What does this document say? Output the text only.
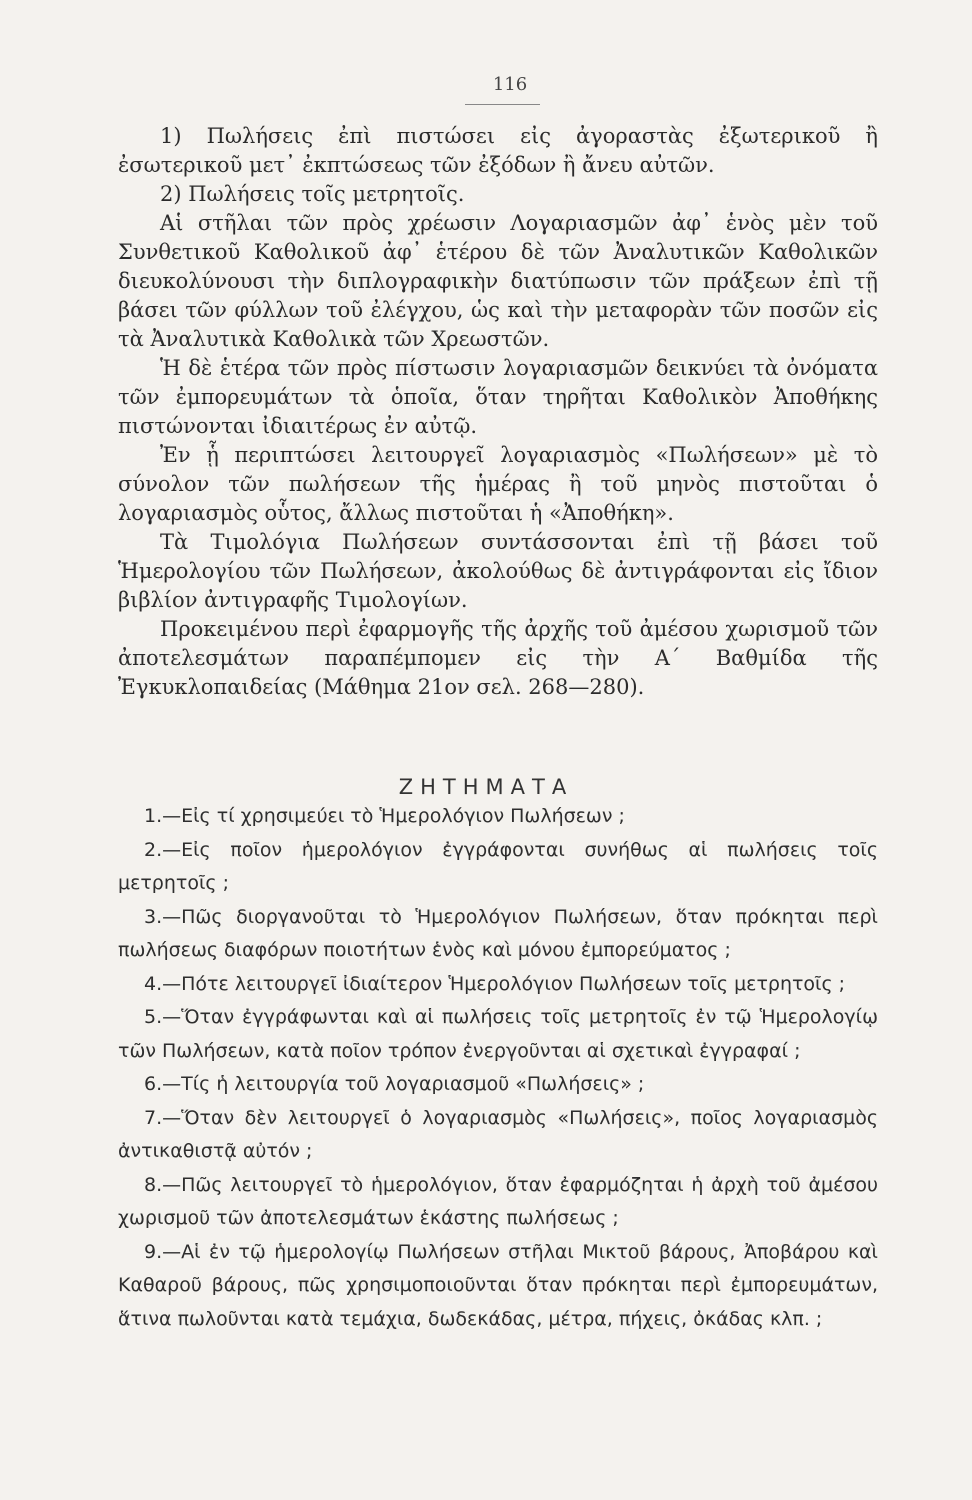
116

1) Πωλήσεις ἐπὶ πιστώσει εἰς ἀγοραστὰς ἐξωτερικοῦ ἢ ἐσωτερικοῦ μετ᾿ ἐκπτώσεως τῶν ἐξόδων ἢ ἄνευ αὐτῶν.

2) Πωλήσεις τοῖς μετρητοῖς.

Αἱ στῆλαι τῶν πρὸς χρέωσιν Λογαριασμῶν ἀφ᾿ ἑνὸς μὲν τοῦ Συνθετικοῦ Καθολικοῦ ἀφ᾿ ἑτέρου δὲ τῶν Ἀναλυτικῶν Καθολικῶν διευκολύνουσι τὴν διπλογραφικὴν διατύπωσιν τῶν πράξεων ἐπὶ τῇ βάσει τῶν φύλλων τοῦ ἐλέγχου, ὡς καὶ τὴν μεταφορὰν τῶν ποσῶν εἰς τὰ Ἀναλυτικὰ Καθολικὰ τῶν Χρεωστῶν.

Ἡ δὲ ἑτέρα τῶν πρὸς πίστωσιν λογαριασμῶν δεικνύει τὰ ὀνόματα τῶν ἐμπορευμάτων τὰ ὁποῖα, ὅταν τηρῆται Καθολικὸν Ἀποθήκης πιστώνονται ἰδιαιτέρως ἐν αὐτῷ.

Ἐν ᾗ περιπτώσει λειτουργεῖ λογαριασμὸς «Πωλήσεων» μὲ τὸ σύνολον τῶν πωλήσεων τῆς ἡμέρας ἢ τοῦ μηνὸς πιστοῦται ὁ λογαριασμὸς οὗτος, ἄλλως πιστοῦται ἡ «Ἀποθήκη».

Τὰ Τιμολόγια Πωλήσεων συντάσσονται ἐπὶ τῇ βάσει τοῦ Ἡμερολογίου τῶν Πωλήσεων, ἀκολούθως δὲ ἀντιγράφονται εἰς ἴδιον βιβλίον ἀντιγραφῆς Τιμολογίων.

Προκειμένου περὶ ἐφαρμογῆς τῆς ἀρχῆς τοῦ ἀμέσου χωρισμοῦ τῶν ἀποτελεσμάτων παραπέμπομεν εἰς τὴν Α΄ Βαθμίδα τῆς Ἐγκυκλοπαιδείας (Μάθημα 21ον σελ. 268—280).

ΖΗΤΗΜΑΤΑ

1.—Εἰς τί χρησιμεύει τὸ Ἡμερολόγιον Πωλήσεων ;

2.—Εἰς ποῖον ἡμερολόγιον ἐγγράφονται συνήθως αἱ πωλήσεις τοῖς μετρητοῖς ;

3.—Πῶς διοργανοῦται τὸ Ἡμερολόγιον Πωλήσεων, ὅταν πρόκηται περὶ πωλήσεως διαφόρων ποιοτήτων ἑνὸς καὶ μόνου ἐμπορεύματος ;

4.—Πότε λειτουργεῖ ἰδιαίτερον Ἡμερολόγιον Πωλήσεων τοῖς μετρητοῖς ;

5.—Ὅταν ἐγγράφωνται καὶ αἱ πωλήσεις τοῖς μετρητοῖς ἐν τῷ Ἡμερολογίῳ τῶν Πωλήσεων, κατὰ ποῖον τρόπον ἐνεργοῦνται αἱ σχετικαὶ ἐγγραφαί ;

6.—Τίς ἡ λειτουργία τοῦ λογαριασμοῦ «Πωλήσεις» ;

7.—Ὅταν δὲν λειτουργεῖ ὁ λογαριασμὸς «Πωλήσεις», ποῖος λογαριασμὸς ἀντικαθιστᾷ αὐτόν ;

8.—Πῶς λειτουργεῖ τὸ ἡμερολόγιον, ὅταν ἐφαρμόζηται ἡ ἀρχὴ τοῦ ἀμέσου χωρισμοῦ τῶν ἀποτελεσμάτων ἑκάστης πωλήσεως ;

9.—Αἱ ἐν τῷ ἡμερολογίῳ Πωλήσεων στῆλαι Μικτοῦ βάρους, Ἀποβάρου καὶ Καθαροῦ βάρους, πῶς χρησιμοποιοῦνται ὅταν πρόκηται περὶ ἐμπορευμάτων, ἅτινα πωλοῦνται κατὰ τεμάχια, δωδεκάδας, μέτρα, πήχεις, ὀκάδας κλπ. ;
